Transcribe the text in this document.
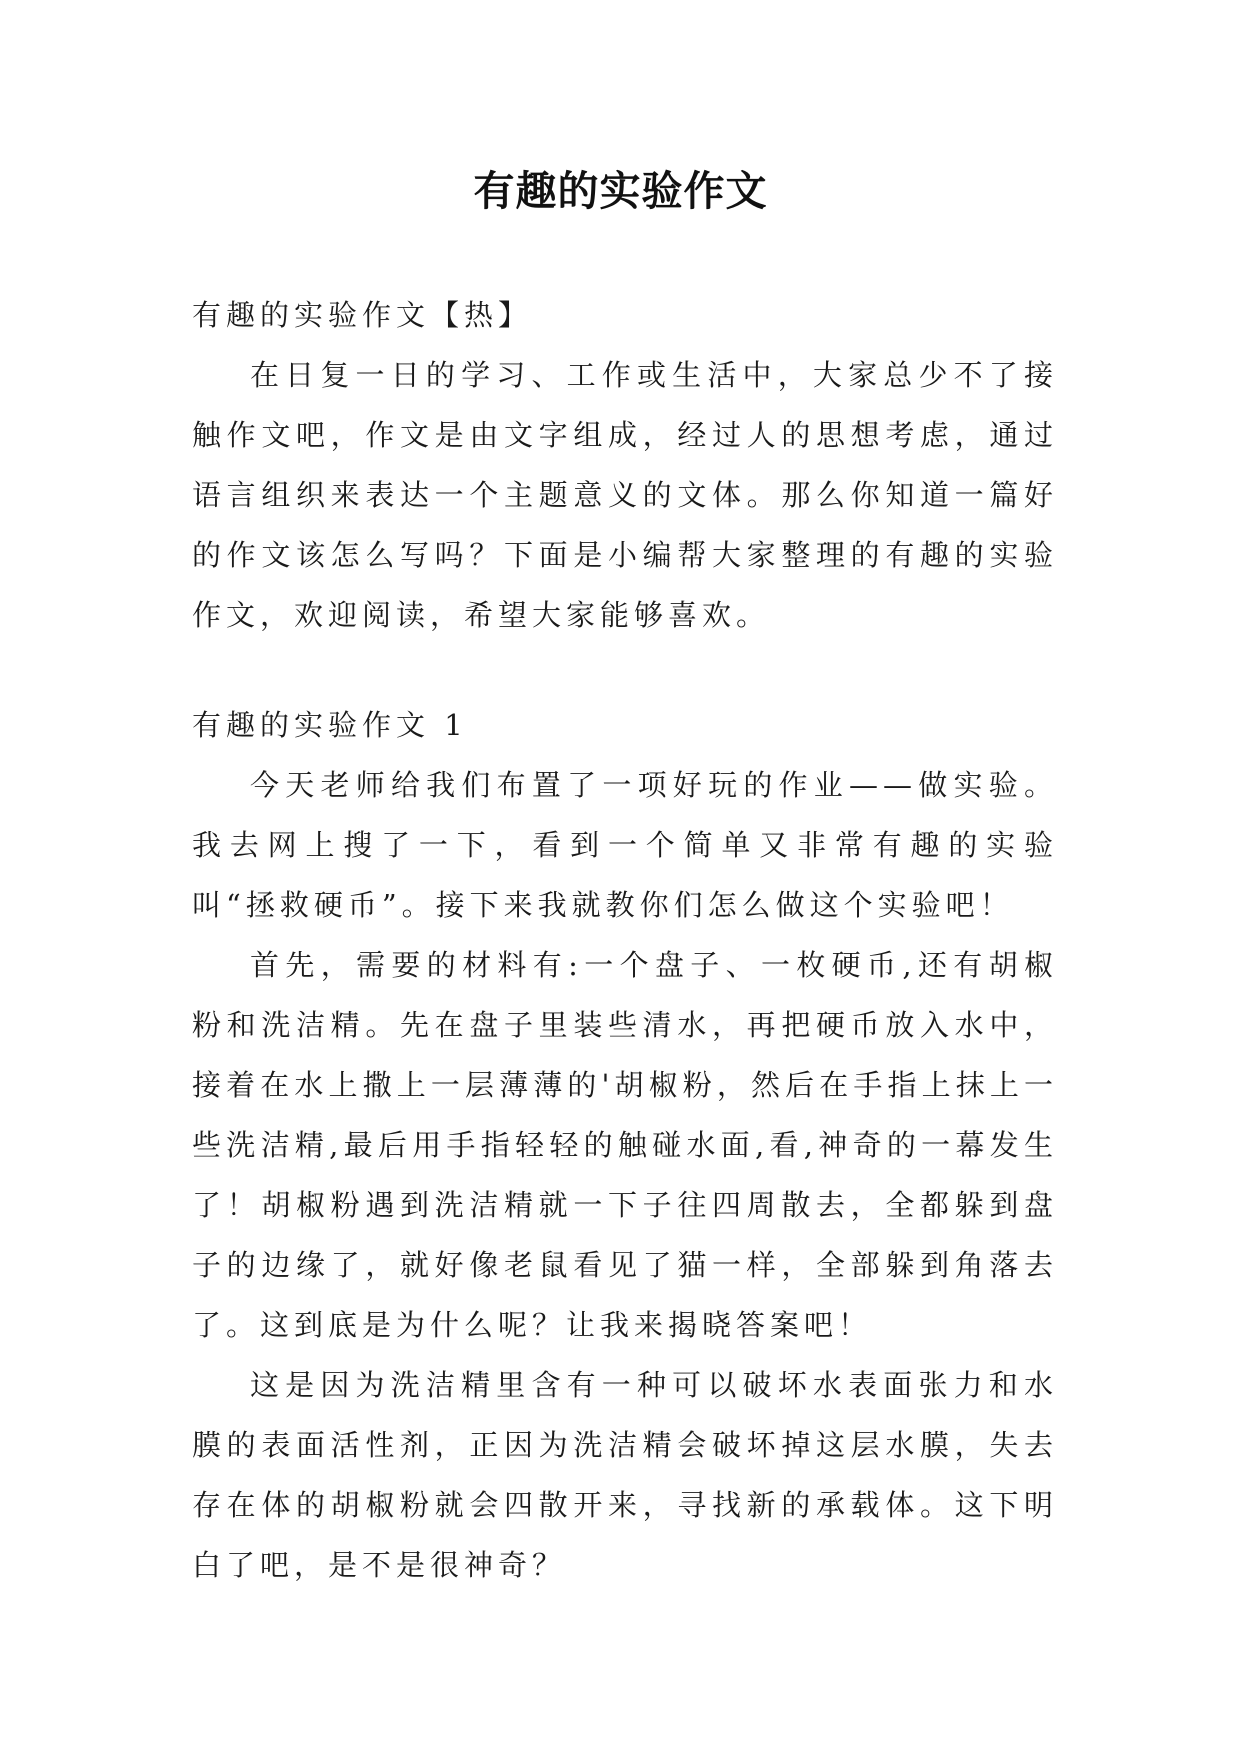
有趣的实验作文

有趣的实验作文【热】

在日复一日的学习、工作或生活中，大家总少不了接触作文吧，作文是由文字组成，经过人的思想考虑，通过语言组织来表达一个主题意义的文体。那么你知道一篇好的作文该怎么写吗？下面是小编帮大家整理的有趣的实验作文，欢迎阅读，希望大家能够喜欢。

有趣的实验作文 1

今天老师给我们布置了一项好玩的作业——做实验。我去网上搜了一下，看到一个简单又非常有趣的实验叫“拯救硬币”。接下来我就教你们怎么做这个实验吧！

首先，需要的材料有:一个盘子、一枚硬币,还有胡椒粉和洗洁精。先在盘子里装些清水，再把硬币放入水中，接着在水上撒上一层薄薄的'胡椒粉，然后在手指上抹上一些洗洁精,最后用手指轻轻的触碰水面,看,神奇的一幕发生了！胡椒粉遇到洗洁精就一下子往四周散去，全都躲到盘子的边缘了，就好像老鼠看见了猫一样，全部躲到角落去了。这到底是为什么呢？让我来揭晓答案吧！

这是因为洗洁精里含有一种可以破坏水表面张力和水膜的表面活性剂，正因为洗洁精会破坏掉这层水膜，失去存在体的胡椒粉就会四散开来，寻找新的承载体。这下明白了吧，是不是很神奇？
